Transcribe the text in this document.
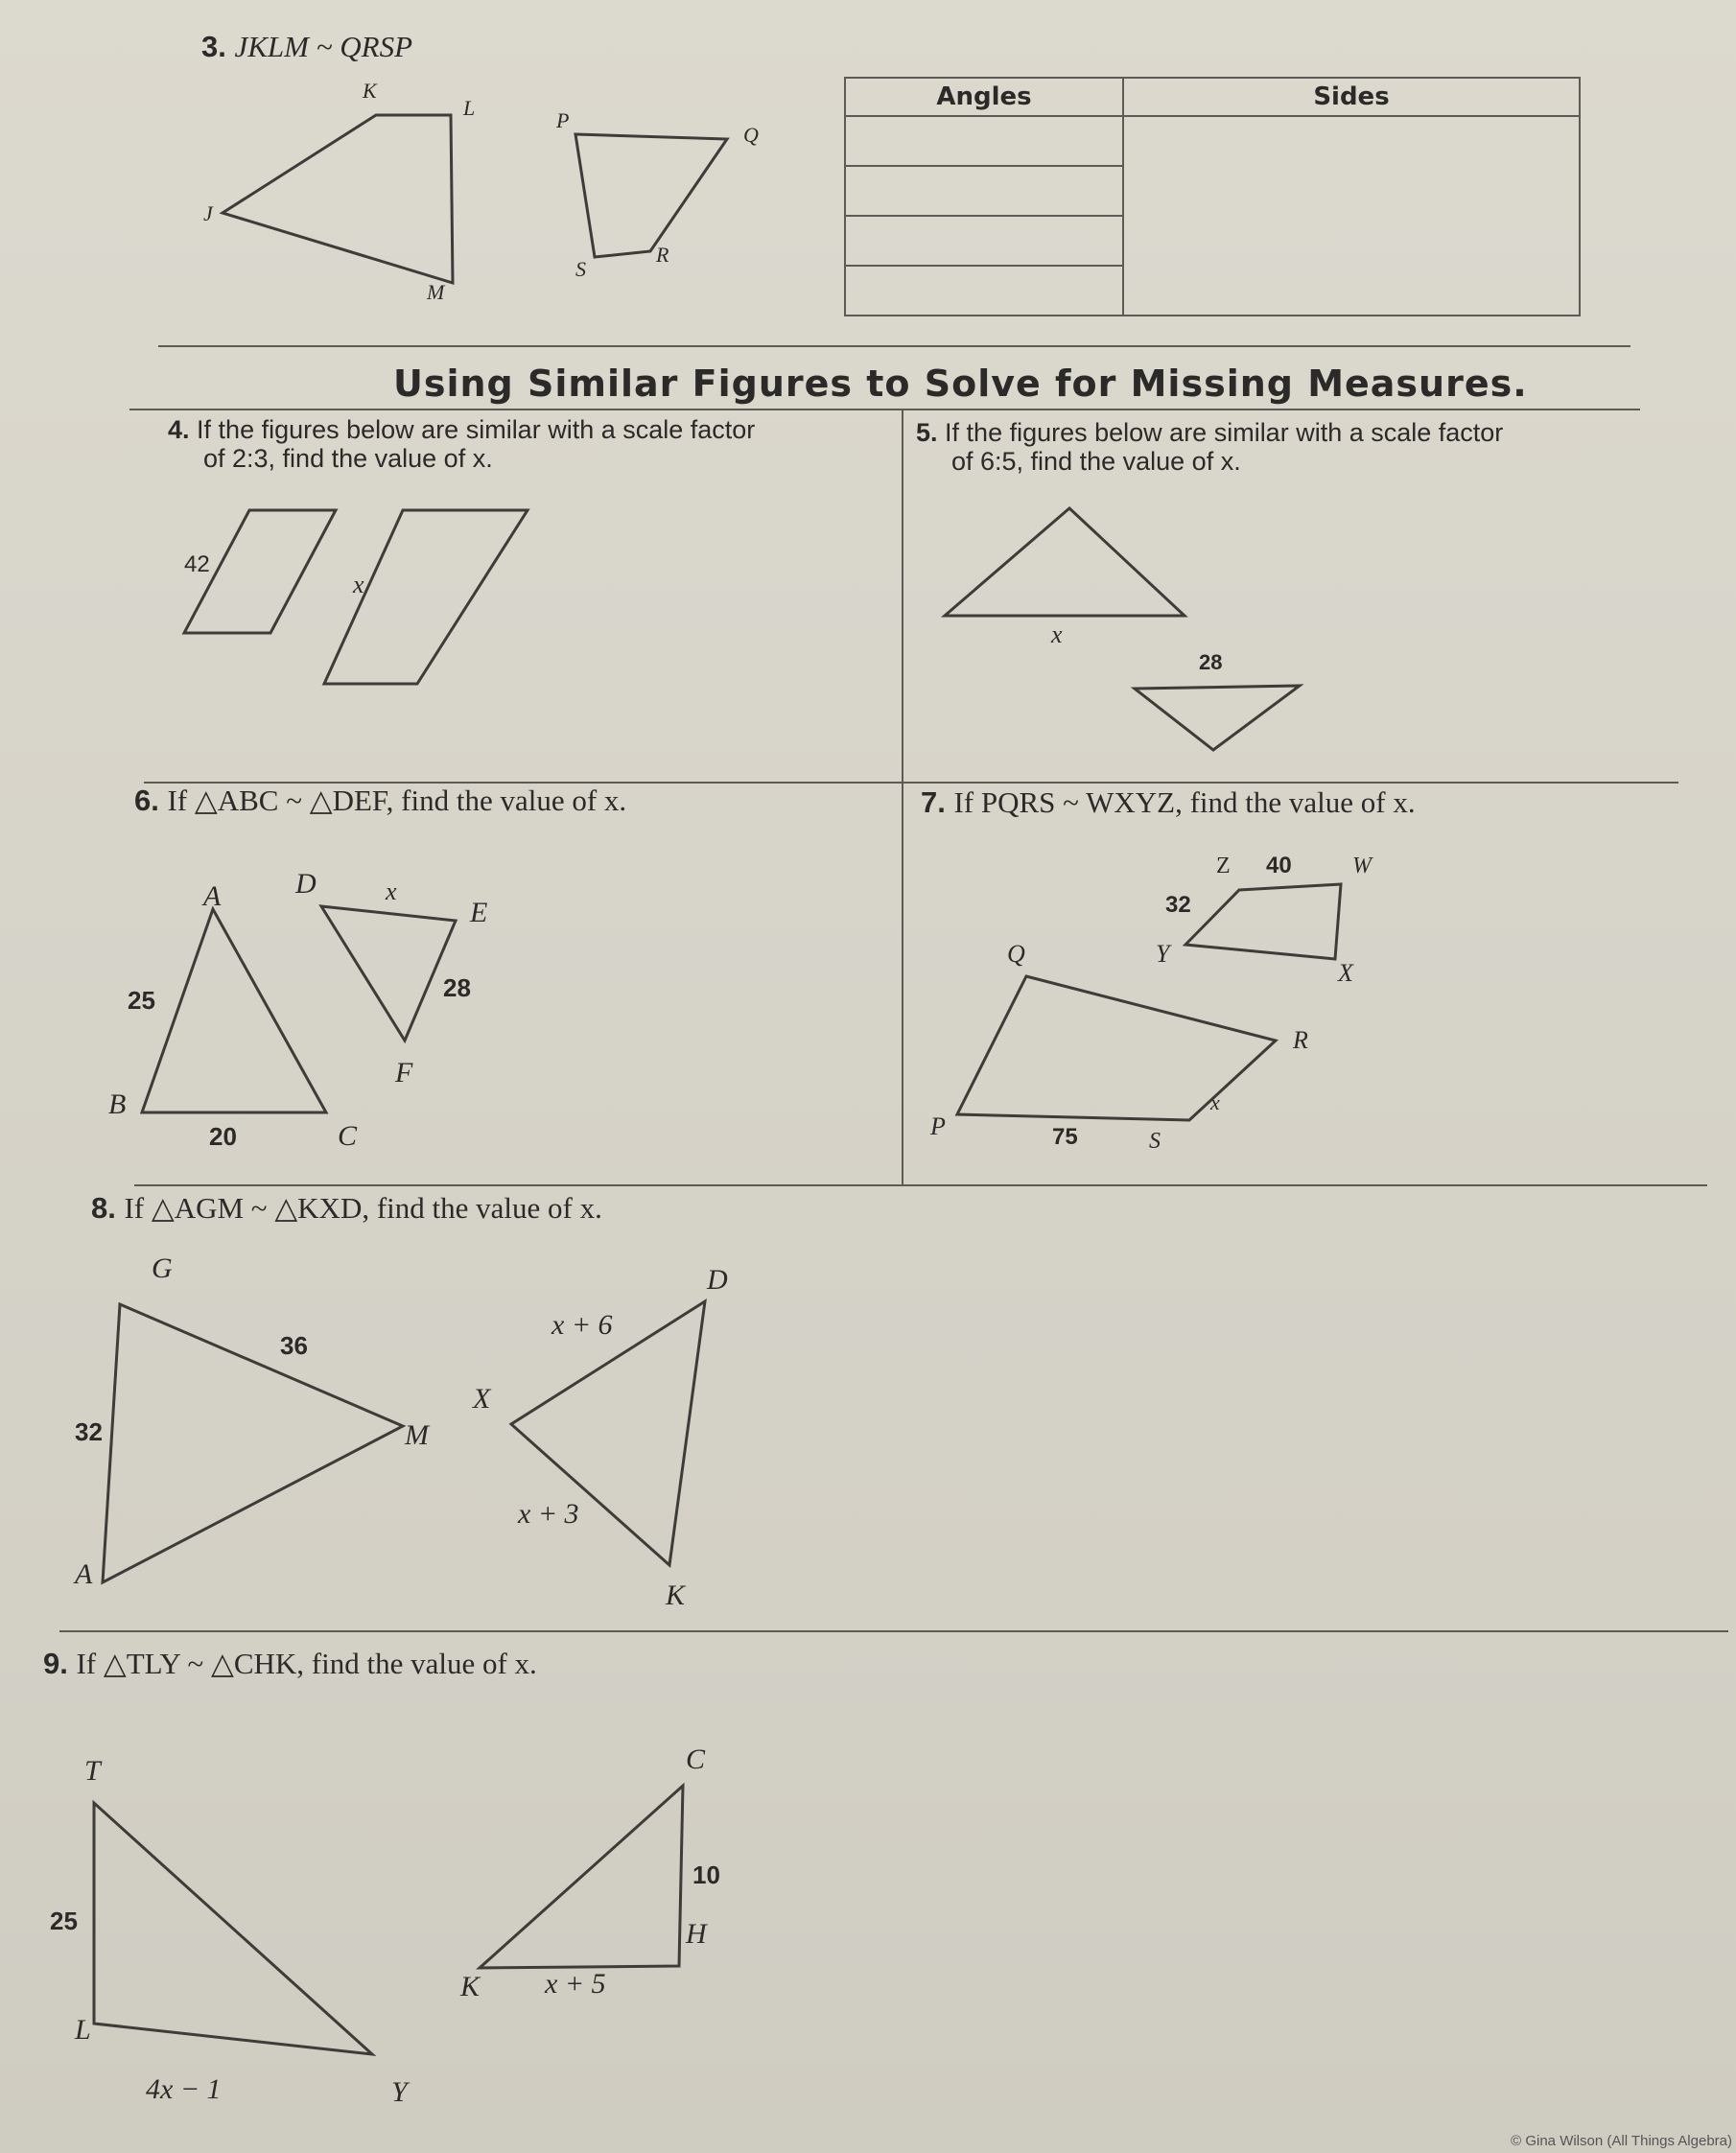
3. JKLM ~ QRSP
K
L
J
M
P
Q
S
R
Angles	Sides

Using Similar Figures to Solve for Missing Measures.
4. If the figures below are similar with a scale factor
of 2:3, find the value of x.
42
x
5. If the figures below are similar with a scale factor
of 6:5, find the value of x.
x
28
6. If △ABC ~ △DEF, find the value of x.
A	D	x
E
25	28
F
B
20	C
7. If PQRS ~ WXYZ, find the value of x.
Z 40	W
32
Y
X
Q
R
x
P	75	S
8. If △AGM ~ △KXD, find the value of x.
G
36
32	M
A
D
x + 6
X
x + 3
K
9. If △TLY ~ △CHK, find the value of x.
T
25
L
4x − 1	Y
C
10
H
K x + 5
© Gina Wilson (All Things Algebra)
